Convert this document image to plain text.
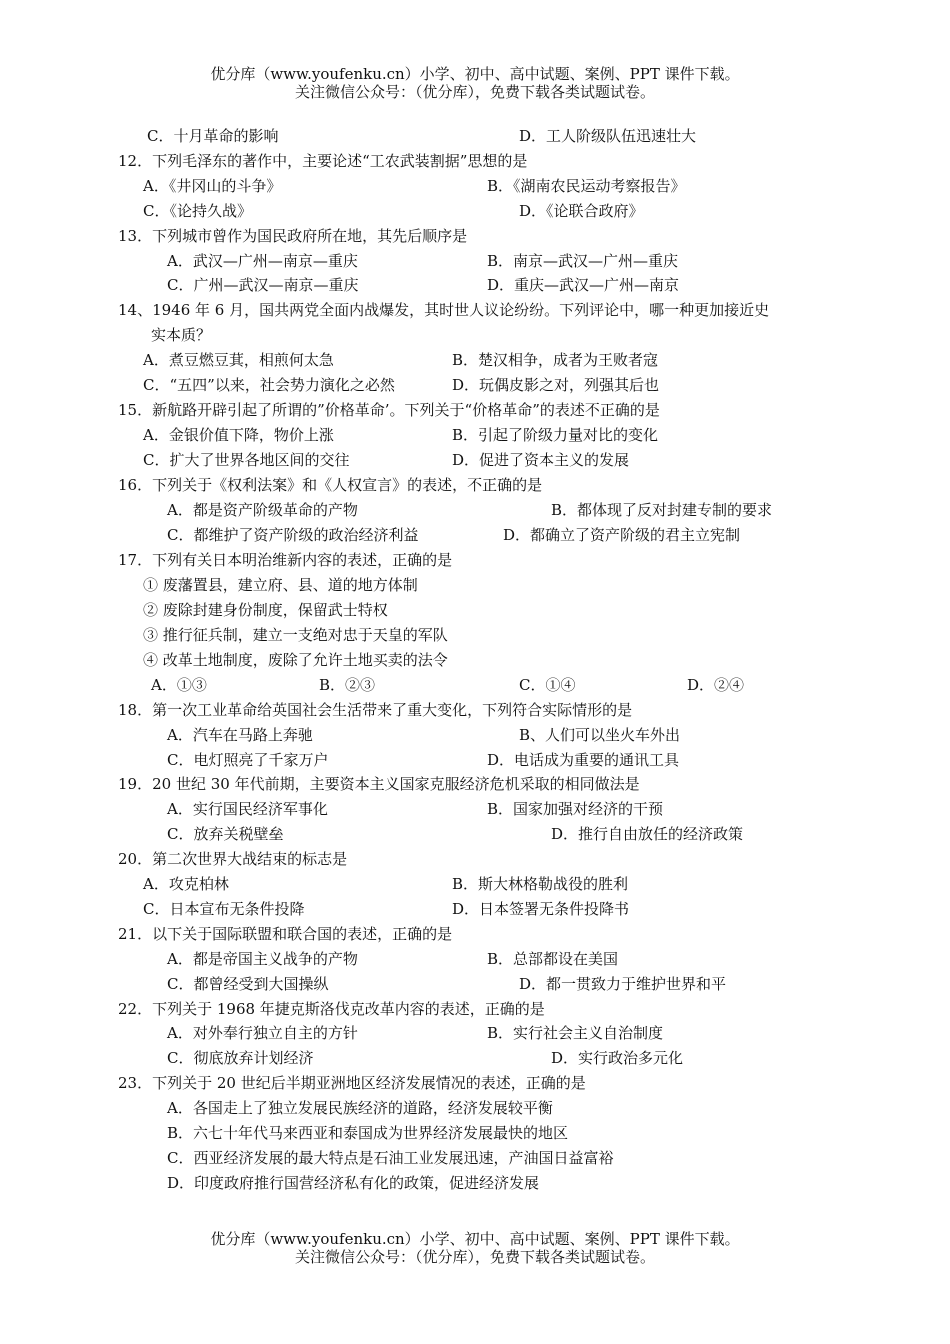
优分库（www.youfenku.cn）小学、初中、高中试题、案例、PPT 课件下载。
关注微信公众号：（优分库），免费下载各类试题试卷。
C．十月革命的影响	D．工人阶级队伍迅速壮大
12．下列毛泽东的著作中，主要论述“工农武装割据”思想的是
A．《井冈山的斗争》	B．《湖南农民运动考察报告》
C．《论持久战》	D．《论联合政府》
13．下列城市曾作为国民政府所在地，其先后顺序是
A．武汉—广州—南京—重庆	B．南京—武汉—广州—重庆
C．广州—武汉—南京—重庆	D．重庆—武汉—广州—南京
14、1946 年 6 月，国共两党全面内战爆发，其时世人议论纷纷。下列评论中，哪一种更加接近史
实本质？
A．煮豆燃豆萁，相煎何太急	B．楚汉相争，成者为王败者寇
C．“五四”以来，社会势力演化之必然	D．玩偶皮影之对，列强其后也
15．新航路开辟引起了所谓的”价格革命’。下列关于“价格革命”的表述不正确的是
A．金银价值下降，物价上涨	B．引起了阶级力量对比的变化
C．扩大了世界各地区间的交往	D．促进了资本主义的发展
16．下列关于《权利法案》和《人权宣言》的表述，不正确的是
A．都是资产阶级革命的产物	B．都体现了反对封建专制的要求
C．都维护了资产阶级的政治经济利益	D．都确立了资产阶级的君主立宪制
17．下列有关日本明治维新内容的表述，正确的是
① 废藩置县，建立府、县、道的地方体制
② 废除封建身份制度，保留武士特权
③ 推行征兵制，建立一支绝对忠于天皇的军队
④ 改革土地制度，废除了允许土地买卖的法令
A．①③	B．②③	C．①④	D．②④
18．第一次工业革命给英国社会生活带来了重大变化，下列符合实际情形的是
A．汽车在马路上奔驰	B、人们可以坐火车外出
C．电灯照亮了千家万户	D．电话成为重要的通讯工具
19．20 世纪 30 年代前期，主要资本主义国家克服经济危机采取的相同做法是
A．实行国民经济军事化	B．国家加强对经济的干预
C．放弃关税壁垒	D．推行自由放任的经济政策
20．第二次世界大战结束的标志是
A．攻克柏林	B．斯大林格勒战役的胜利
C．日本宣布无条件投降	D．日本签署无条件投降书
21．以下关于国际联盟和联合国的表述，正确的是
A．都是帝国主义战争的产物	B．总部都设在美国
C．都曾经受到大国操纵	D．都一贯致力于维护世界和平
22．下列关于 1968 年捷克斯洛伐克改革内容的表述，正确的是
A．对外奉行独立自主的方针	B．实行社会主义自治制度
C．彻底放弃计划经济	D．实行政治多元化
23．下列关于 20 世纪后半期亚洲地区经济发展情况的表述，正确的是
A．各国走上了独立发展民族经济的道路，经济发展较平衡
B．六七十年代马来西亚和泰国成为世界经济发展最快的地区
C．西亚经济发展的最大特点是石油工业发展迅速，产油国日益富裕
D．印度政府推行国营经济私有化的政策，促进经济发展
优分库（www.youfenku.cn）小学、初中、高中试题、案例、PPT 课件下载。
关注微信公众号：（优分库），免费下载各类试题试卷。
